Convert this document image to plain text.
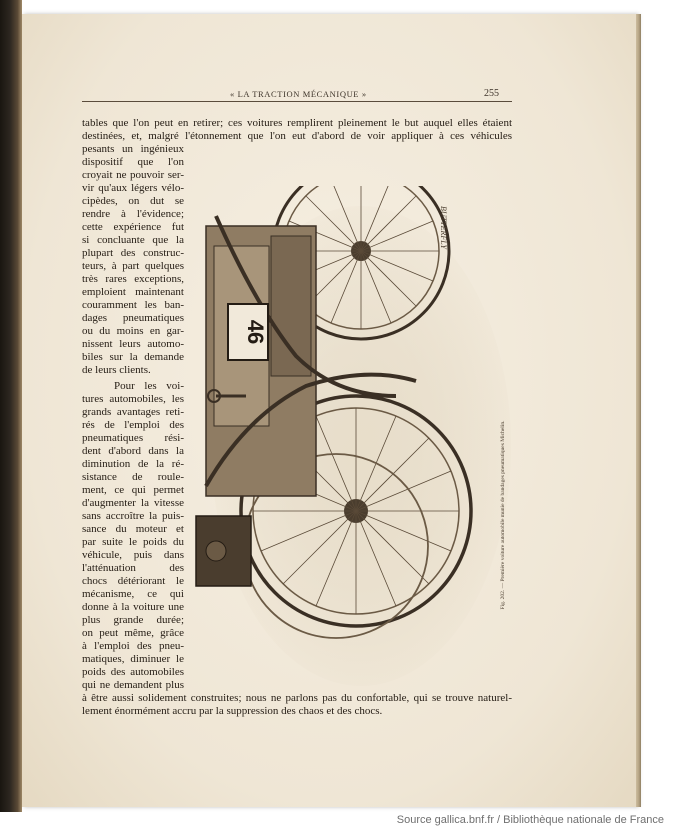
« LA TRACTION MÉCANIQUE »	255
tables que l'on peut en retirer; ces voitures remplirent pleinement le but auquel elles étaient
destinées, et, malgré l'étonnement que l'on eut d'abord de voir appliquer à ces véhicules
pesants un ingénieux
dispositif que l'on
croyait ne pouvoir ser-
vir qu'aux légers vélo-
cipèdes, on dut se
rendre à l'évidence;
cette expérience fut
si concluante que la
plupart des construc-
teurs, à part quelques
très rares exceptions,
emploient maintenant
couramment les ban-
dages pneumatiques
ou du moins en gar-
nissent leurs automo-
biles sur la demande
de leurs clients.
Pour les voi-
tures automobiles, les
grands avantages reti-
rés de l'emploi des
pneumatiques rési-
dent d'abord dans la
diminution de la ré-
sistance de roule-
ment, ce qui permet
d'augmenter la vitesse
sans accroître la puis-
sance du moteur et
par suite le poids du
véhicule, puis dans
l'atténuation des
chocs détériorant le
mécanisme, ce qui
donne à la voiture une
plus grande durée;
on peut même, grâce
à l'emploi des pneu-
matiques, diminuer le
poids des automobiles
qui ne demandent plus
à être aussi solidement construites; nous ne parlons pas du confortable, qui se trouve naturel-
lement énormément accru par la suppression des chaos et des chocs.
46
BUTTERFLY
Fig. 202. — Première voiture automobile munie de bandages pneumatiques Michelin.
Source gallica.bnf.fr / Bibliothèque nationale de France
